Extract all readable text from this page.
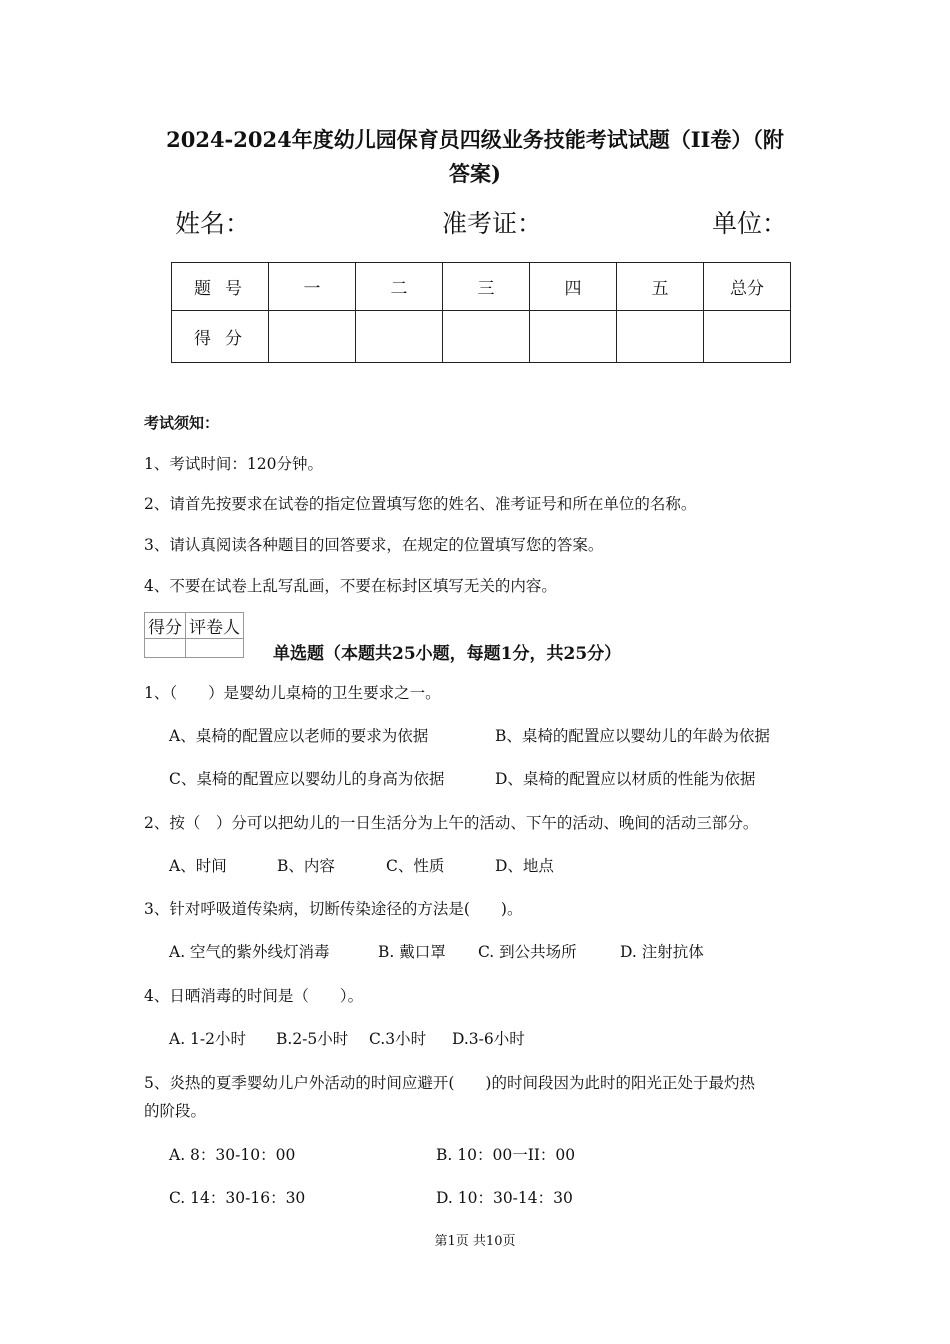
2024-2024年度幼儿园保育员四级业务技能考试试题（II卷）（附
答案)
姓名：	准考证：	单位：
题号	一	二	三	四	五	总分
得分						
考试须知：
1、考试时间：120分钟。
2、请首先按要求在试卷的指定位置填写您的姓名、准考证号和所在单位的名称。
3、请认真阅读各种题目的回答要求，在规定的位置填写您的答案。
4、不要在试卷上乱写乱画，不要在标封区填写无关的内容。
得分	评卷人

单选题（本题共25小题，每题1分，共25分）
1、（　　）是婴幼儿桌椅的卫生要求之一。
A、桌椅的配置应以老师的要求为依据	B、桌椅的配置应以婴幼儿的年龄为依据
C、桌椅的配置应以婴幼儿的身高为依据	D、桌椅的配置应以材质的性能为依据
2、按（　）分可以把幼儿的一日生活分为上午的活动、下午的活动、晚间的活动三部分。
A、时间	B、内容	C、性质	D、地点
3、针对呼吸道传染病，切断传染途径的方法是(　　)。
A. 空气的紫外线灯消毒	B. 戴口罩 C. 到公共场所	D. 注射抗体
4、日晒消毒的时间是（　　）。
A. 1-2小时 B.2-5小时 C.3小时 D.3-6小时
5、炎热的夏季婴幼儿户外活动的时间应避开(　　)的时间段因为此时的阳光正处于最灼热
的阶段。
A. 8：30-10：00	B. 10：00一II：00
C. 14：30-16：30	D. 10：30-14：30
第1页 共10页
